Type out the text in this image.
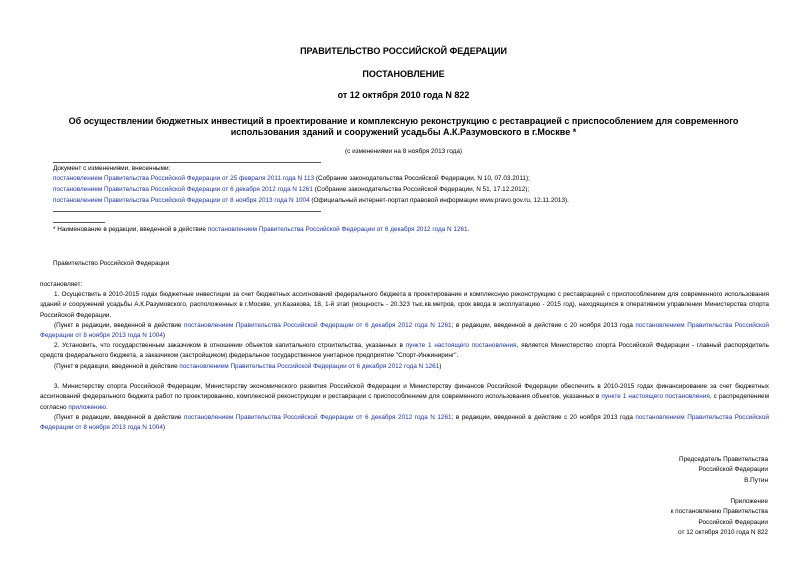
ПРАВИТЕЛЬСТВО РОССИЙСКОЙ ФЕДЕРАЦИИ
ПОСТАНОВЛЕНИЕ
от 12 октября 2010 года N 822
Об осуществлении бюджетных инвестиций в проектирование и комплексную реконструкцию с реставрацией с приспособлением для современного
использования зданий и сооружений усадьбы А.К.Разумовского в г.Москве *
(с изменениями на 8 ноября 2013 года)
Документ с изменениями, внесенными:
постановлением Правительства Российской Федерации от 25 февраля 2011 года N 113 (Собрание законодательства Российской Федерации, N 10, 07.03.2011);
постановлением Правительства Российской Федерации от 6 декабря 2012 года N 1261 (Собрание законодательства Российской Федерации, N 51, 17.12.2012);
постановлением Правительства Российской Федерации от 8 ноября 2013 года N 1004 (Официальный интернет-портал правовой информации www.pravo.gov.ru, 12.11.2013).
* Наименование в редакции, введенной в действие постановлением Правительства Российской Федерации от 6 декабря 2012 года N 1261.
Правительство Российской Федерации
постановляет:
1. Осуществить в 2010-2015 годах бюджетные инвестиции за счет бюджетных ассигнований федерального бюджета в проектирование и комплексную реконструкцию с реставрацией с приспособлением для современного использования зданий и сооружений усадьбы А.К.Разумовского, расположенных в г.Москве, ул.Казакова, 18, 1-й этап (мощность - 20.323 тыс.кв.метров, срок ввода в эксплуатацию - 2015 год), находящихся в оперативном управлении Министерства спорта Российской Федерации.
(Пункт в редакции, введенной в действие постановлением Правительства Российской Федерации от 6 декабря 2012 года N 1261; в редакции, введенной в действие с 20 ноября 2013 года постановлением Правительства Российской Федерации от 8 ноября 2013 года N 1004)
2. Установить, что государственным заказчиком в отношении объектов капитального строительства, указанных в пункте 1 настоящего постановления, является Министерство спорта Российской Федерации - главный распорядитель средств федерального бюджета, а заказчиком (застройщиком) федеральное государственное унитарное предприятие "Спорт-Инжиниринг".
(Пункт в редакции, введенной в действие постановлением Правительства Российской Федерации от 6 декабря 2012 года N 1261)
3. Министерству спорта Российской Федерации, Министерству экономического развития Российской Федерации и Министерству финансов Российской Федерации обеспечить в 2010-2015 годах финансирование за счет бюджетных ассигнований федерального бюджета работ по проектированию, комплексной реконструкции и реставрации с приспособлением для современного использования объектов, указанных в пункте 1 настоящего постановления, с распределением согласно приложению.
(Пункт в редакции, введенной в действие постановлением Правительства Российской Федерации от 6 декабря 2012 года N 1261; в редакции, введенной в действие с 20 ноября 2013 года постановлением Правительства Российской Федерации от 8 ноября 2013 года N 1004)
Председатель Правительства
Российской Федерации
В.Путин
Приложение
к постановлению Правительства
Российской Федерации
от 12 октября 2010 года N 822
